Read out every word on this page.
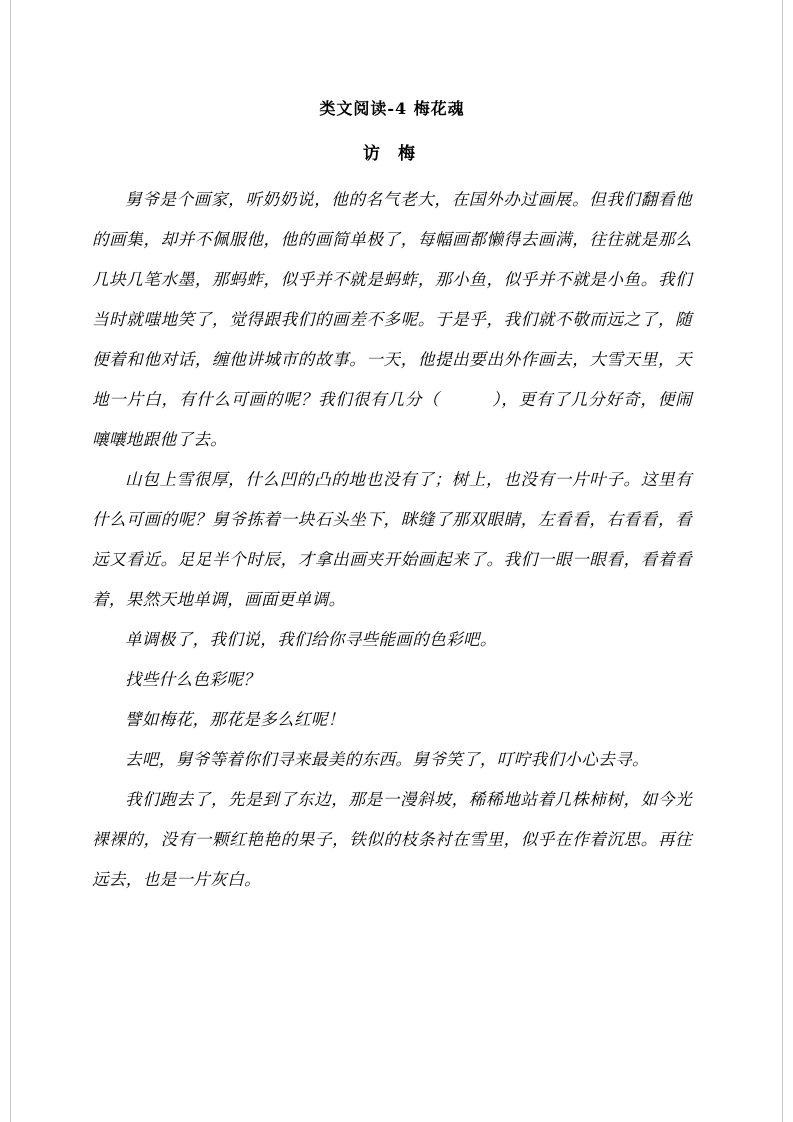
类文阅读-4 梅花魂
访 梅

舅爷是个画家，听奶奶说，他的名气老大，在国外办过画展。但我们翻看他的画集，却并不佩服他，他的画简单极了，每幅画都懒得去画满，往往就是那么几块几笔水墨，那蚂蚱，似乎并不就是蚂蚱，那小鱼，似乎并不就是小鱼。我们当时就嗤地笑了，觉得跟我们的画差不多呢。于是乎，我们就不敬而远之了，随便着和他对话，缠他讲城市的故事。一天，他提出要出外作画去，大雪天里，天地一片白，有什么可画的呢？我们很有几分（	），更有了几分好奇，便闹嚷嚷地跟他了去。

山包上雪很厚，什么凹的凸的地也没有了；树上，也没有一片叶子。这里有什么可画的呢？舅爷拣着一块石头坐下，眯缝了那双眼睛，左看看，右看看，看远又看近。足足半个时辰，才拿出画夹开始画起来了。我们一眼一眼看，看着看着，果然天地单调，画面更单调。

单调极了，我们说，我们给你寻些能画的色彩吧。

找些什么色彩呢？

譬如梅花，那花是多么红呢！

去吧，舅爷等着你们寻来最美的东西。舅爷笑了，叮咛我们小心去寻。

我们跑去了，先是到了东边，那是一漫斜坡，稀稀地站着几株柿树，如今光裸裸的，没有一颗红艳艳的果子，铁似的枝条衬在雪里，似乎在作着沉思。再往远去，也是一片灰白。
